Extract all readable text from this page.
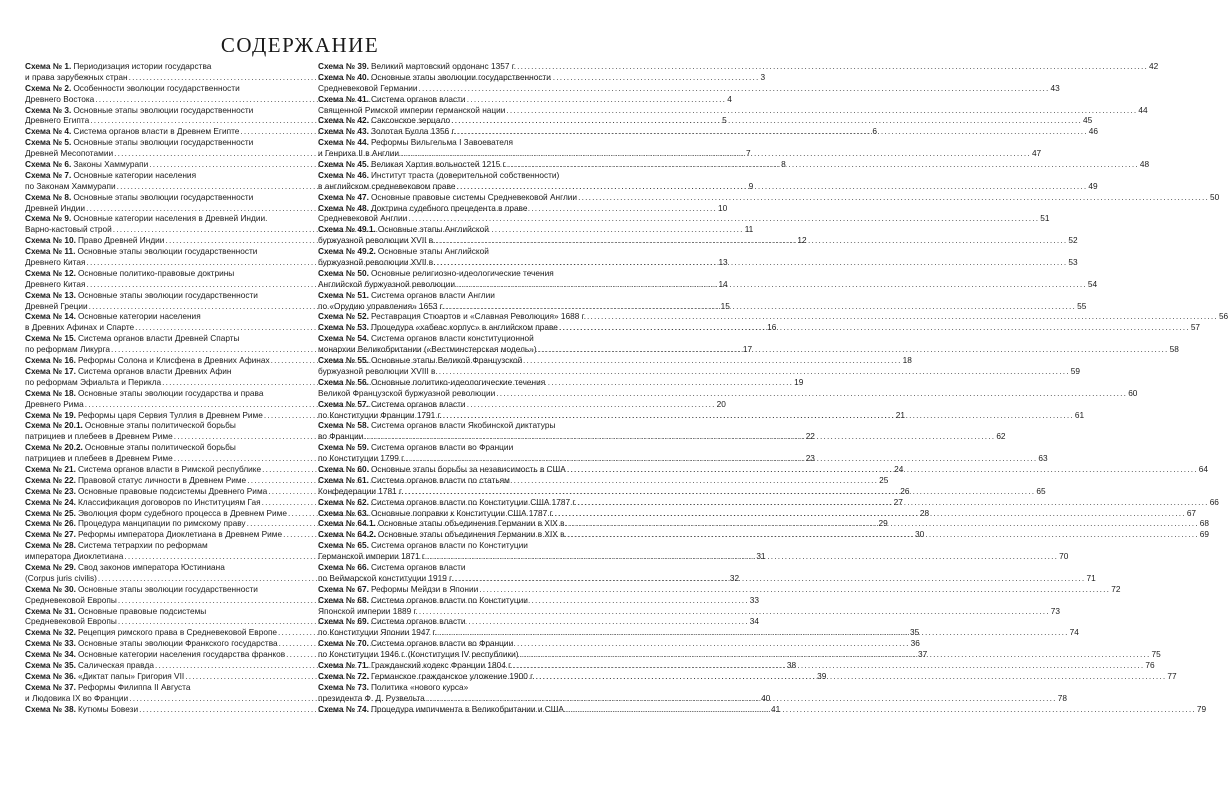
СОДЕРЖАНИЕ
Схема № 1. Периодизация истории государства
и права зарубежных стран .....	3
Схема № 2. Особенности эволюции государственности
Древнего Востока .....	4
Схема № 3. Основные этапы эволюции государственности
Древнего Египта .....	5
Схема № 4. Система органов власти в Древнем Египте .....	6
Схема № 5. Основные этапы эволюции государственности
Древней Месопотамии .....	7
Схема № 6. Законы Хаммурапи .....	8
Схема № 7. Основные категории населения
по Законам Хаммурапи .....	9
Схема № 8. Основные этапы эволюции государственности
Древней Индии .....	10
Схема № 9. Основные категории населения в Древней Индии.
Варно-кастовый строй .....	11
Схема № 10. Право Древней Индии .....	12
Схема № 11. Основные этапы эволюции государственности
Древнего Китая .....	13
Схема № 12. Основные политико-правовые доктрины
Древнего Китая .....	14
Схема № 13. Основные этапы эволюции государственности
Древней Греции .....	15
Схема № 14. Основные категории населения
в Древних Афинах и Спарте .....	16
Схема № 15. Система органов власти Древней Спарты
по реформам Ликурга .....	17
Схема № 16. Реформы Солона и Клисфена в Древних Афинах .....	18
Схема № 17. Система органов власти Древних Афин
по реформам Эфиальта и Перикла .....	19
Схема № 18. Основные этапы эволюции государства и права
Древнего Рима .....	20
Схема № 19. Реформы царя Сервия Туллия в Древнем Риме .....	21
Схема № 20.1. Основные этапы политической борьбы
патрициев и плебеев в Древнем Риме .....	22
Схема № 20.2. Основные этапы политической борьбы
патрициев и плебеев в Древнем Риме .....	23
Схема № 21. Система органов власти в Римской республике .....	24
Схема № 22. Правовой статус личности в Древнем Риме .....	25
Схема № 23. Основные правовые подсистемы Древнего Рима .....	26
Схема № 24. Классификация договоров по Институциям Гая .....	27
Схема № 25. Эволюция форм судебного процесса в Древнем Риме .....	28
Схема № 26. Процедура манципации по римскому праву .....	29
Схема № 27. Реформы императора Диоклетиана в Древнем Риме .....	30
Схема № 28. Система тетрархии по реформам
императора Диоклетиана .....	31
Схема № 29. Свод законов императора Юстиниана
(Corpus juris civilis) .....	32
Схема № 30. Основные этапы эволюции государственности
Средневековой Европы .....	33
Схема № 31. Основные правовые подсистемы
Средневековой Европы .....	34
Схема № 32. Рецепция римского права в Средневековой Европе .....	35
Схема № 33. Основные этапы эволюции Франкского государства .....	36
Схема № 34. Основные категории населения государства франков .....	37
Схема № 35. Салическая правда .....	38
Схема № 36. «Диктат папы» Григория VII .....	39
Схема № 37. Реформы Филиппа II Августа
и Людовика IX во Франции .....	40
Схема № 38. Кутюмы Бовези .....	41
Схема № 39. Великий мартовский ордонанс 1357 г. .....	42
Схема № 40. Основные этапы эволюции государственности
Средневековой Германии .....	43
Схема № 41. Система органов власти
Священной Римской империи германской нации .....	44
Схема № 42. Саксонское зерцало .....	45
Схема № 43. Золотая Булла 1356 г. .....	46
Схема № 44. Реформы Вильгельма I Завоевателя
и Генриха II в Англии .....	47
Схема № 45. Великая Хартия вольностей 1215 г. .....	48
Схема № 46. Институт траста (доверительной собственности)
в английском средневековом праве .....	49
Схема № 47. Основные правовые системы Средневековой Англии .....	50
Схема № 48. Доктрина судебного прецедента в праве
Средневековой Англии .....	51
Схема № 49.1. Основные этапы Английской
буржуазной революции XVII в. .....	52
Схема № 49.2. Основные этапы Английской
буржуазной революции XVII в. .....	53
Схема № 50. Основные религиозно-идеологические течения
Английской буржуазной революции .....	54
Схема № 51. Система органов власти Англии
по «Орудию управления» 1653 г. .....	55
Схема № 52. Реставрация Стюартов и «Славная Революция» 1688 г. .....	56
Схема № 53. Процедура «хабеас корпус» в английском праве .....	57
Схема № 54. Система органов власти конституционной
монархии Великобритании («Вестминстерская модель») .....	58
Схема № 55. Основные этапы Великой Французской
буржуазной революции XVIII в. .....	59
Схема № 56. Основные политико-идеологические течения
Великой Французской буржуазной революции .....	60
Схема № 57. Система органов власти
по Конституции Франции 1791 г. .....	61
Схема № 58. Система органов власти Якобинской диктатуры
во Франции .....	62
Схема № 59. Система органов власти во Франции
по Конституции 1799 г. .....	63
Схема № 60. Основные этапы борьбы за независимость в США .....	64
Схема № 61. Система органов власти по статьям
Конфедерации 1781 г. .....	65
Схема № 62. Система органов власти по Конституции США 1787 г. .....	66
Схема № 63. Основные поправки к Конституции США 1787 г. .....	67
Схема № 64.1. Основные этапы объединения Германии в XIX в. .....	68
Схема № 64.2. Основные этапы объединения Германии в XIX в. .....	69
Схема № 65. Система органов власти по Конституции
Германской империи 1871 г. .....	70
Схема № 66. Система органов власти
по Веймарской конституции 1919 г. .....	71
Схема № 67. Реформы Мейдзи в Японии .....	72
Схема № 68. Система органов власти по Конституции
Японской империи 1889 г. .....	73
Схема № 69. Система органов власти
по Конституции Японии 1947 г. .....	74
Схема № 70. Система органов власти во Франции
по Конституции 1946 г. (Конституция IV республики) .....	75
Схема № 71. Гражданский кодекс Франции 1804 г. .....	76
Схема № 72. Германское гражданское уложение 1900 г. .....	77
Схема № 73. Политика «нового курса»
президента Ф. Д. Рузвельта .....	78
Схема № 74. Процедура импичмента в Великобритании и США .....	79
